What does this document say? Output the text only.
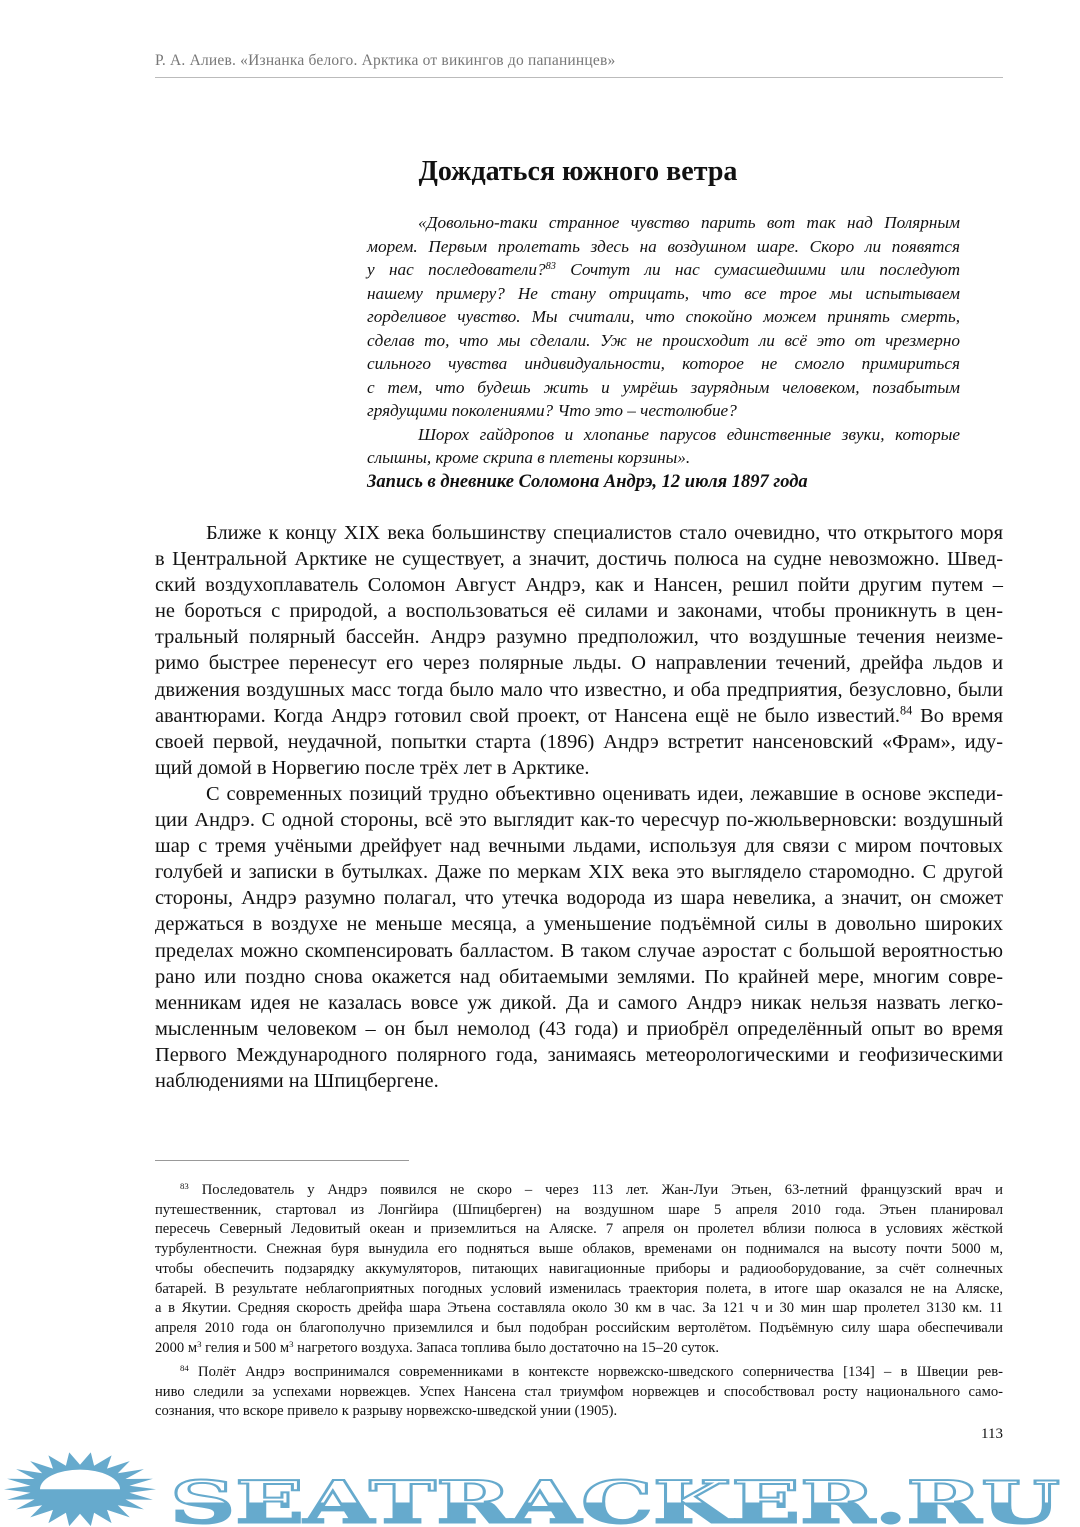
Р. А. Алиев. «Изнанка белого. Арктика от викингов до папанинцев»
Дождаться южного ветра
«Довольно-таки странное чувство парить вот так над Полярным
морем. Первым пролетать здесь на воздушном шаре. Скоро ли появятся
у нас последователи?$^{83}$ Сочтут ли нас сумасшедшими или последуют
нашему примеру? Не стану отрицать, что все трое мы испытываем
горделивое чувство. Мы считали, что спокойно можем принять смерть,
сделав то, что мы сделали. Уж не происходит ли всё это от чрезмерно
сильного чувства индивидуальности, которое не смогло примириться
с тем, что будешь жить и умрёшь заурядным человеком, позабытым
грядущими поколениями? Что это – честолюбие?
Шорох гайдропов и хлопанье парусов единственные звуки, которые
слышны, кроме скрипа в плетены корзины».
Запись в дневнике Соломона Андрэ, 12 июля 1897 года
Ближе к концу XIX века большинству специалистов стало очевидно, что открытого моря
в Центральной Арктике не существует, а значит, достичь полюса на судне невозможно. Швед-
ский воздухоплаватель Соломон Август Андрэ, как и Нансен, решил пойти другим путем –
не бороться с природой, а воспользоваться её силами и законами, чтобы проникнуть в цен-
тральный полярный бассейн. Андрэ разумно предположил, что воздушные течения неизме-
римо быстрее перенесут его через полярные льды. О направлении течений, дрейфа льдов и
движения воздушных масс тогда было мало что известно, и оба предприятия, безусловно, были
авантюрами. Когда Андрэ готовил свой проект, от Нансена ещё не было известий.$^{84}$ Во время
своей первой, неудачной, попытки старта (1896) Андрэ встретит нансеновский «Фрам», иду-
щий домой в Норвегию после трёх лет в Арктике.
С современных позиций трудно объективно оценивать идеи, лежавшие в основе экспеди-
ции Андрэ. С одной стороны, всё это выглядит как-то чересчур по-жюльверновски: воздушный
шар с тремя учёными дрейфует над вечными льдами, используя для связи с миром почтовых
голубей и записки в бутылках. Даже по меркам XIX века это выглядело старомодно. С другой
стороны, Андрэ разумно полагал, что утечка водорода из шара невелика, а значит, он сможет
держаться в воздухе не меньше месяца, а уменьшение подъёмной силы в довольно широких
пределах можно скомпенсировать балластом. В таком случае аэростат с большой вероятностью
рано или поздно снова окажется над обитаемыми землями. По крайней мере, многим совре-
менникам идея не казалась вовсе уж дикой. Да и самого Андрэ никак нельзя назвать легко-
мысленным человеком – он был немолод (43 года) и приобрёл определённый опыт во время
Первого Международного полярного года, занимаясь метеорологическими и геофизическими
наблюдениями на Шпицбергене.
$^{83}$ Последователь у Андрэ появился не скоро – через 113 лет. Жан-Луи Этьен, 63-летний французский врач и
путешественник, стартовал из Лонгйира (Шпицберген) на воздушном шаре 5 апреля 2010 года. Этьен планировал
пересечь Северный Ледовитый океан и приземлиться на Аляске. 7 апреля он пролетел вблизи полюса в условиях жёсткой
турбулентности. Снежная буря вынудила его подняться выше облаков, временами он поднимался на высоту почти 5000 м,
чтобы обеспечить подзарядку аккумуляторов, питающих навигационные приборы и радиооборудование, за счёт солнечных
батарей. В результате неблагоприятных погодных условий изменилась траектория полета, в итоге шар оказался не на Аляске,
а в Якутии. Средняя скорость дрейфа шара Этьена составляла около 30 км в час. За 121 ч и 30 мин шар пролетел 3130 км. 11
апреля 2010 года он благополучно приземлился и был подобран российским вертолётом. Подъёмную силу шара обеспечивали
2000 $м^3$ гелия и 500 $м^3$ нагретого воздуха. Запаса топлива было достаточно на 15–20 суток.
$^{84}$ Полёт Андрэ воспринимался современниками в контексте норвежско-шведского соперничества [134] – в Швеции рев-
ниво следили за успехами норвежцев. Успех Нансена стал триумфом норвежцев и способствовал росту национального само-
сознания, что вскоре привело к разрыву норвежско-шведской унии (1905).
113
SEATRACKER.RU
